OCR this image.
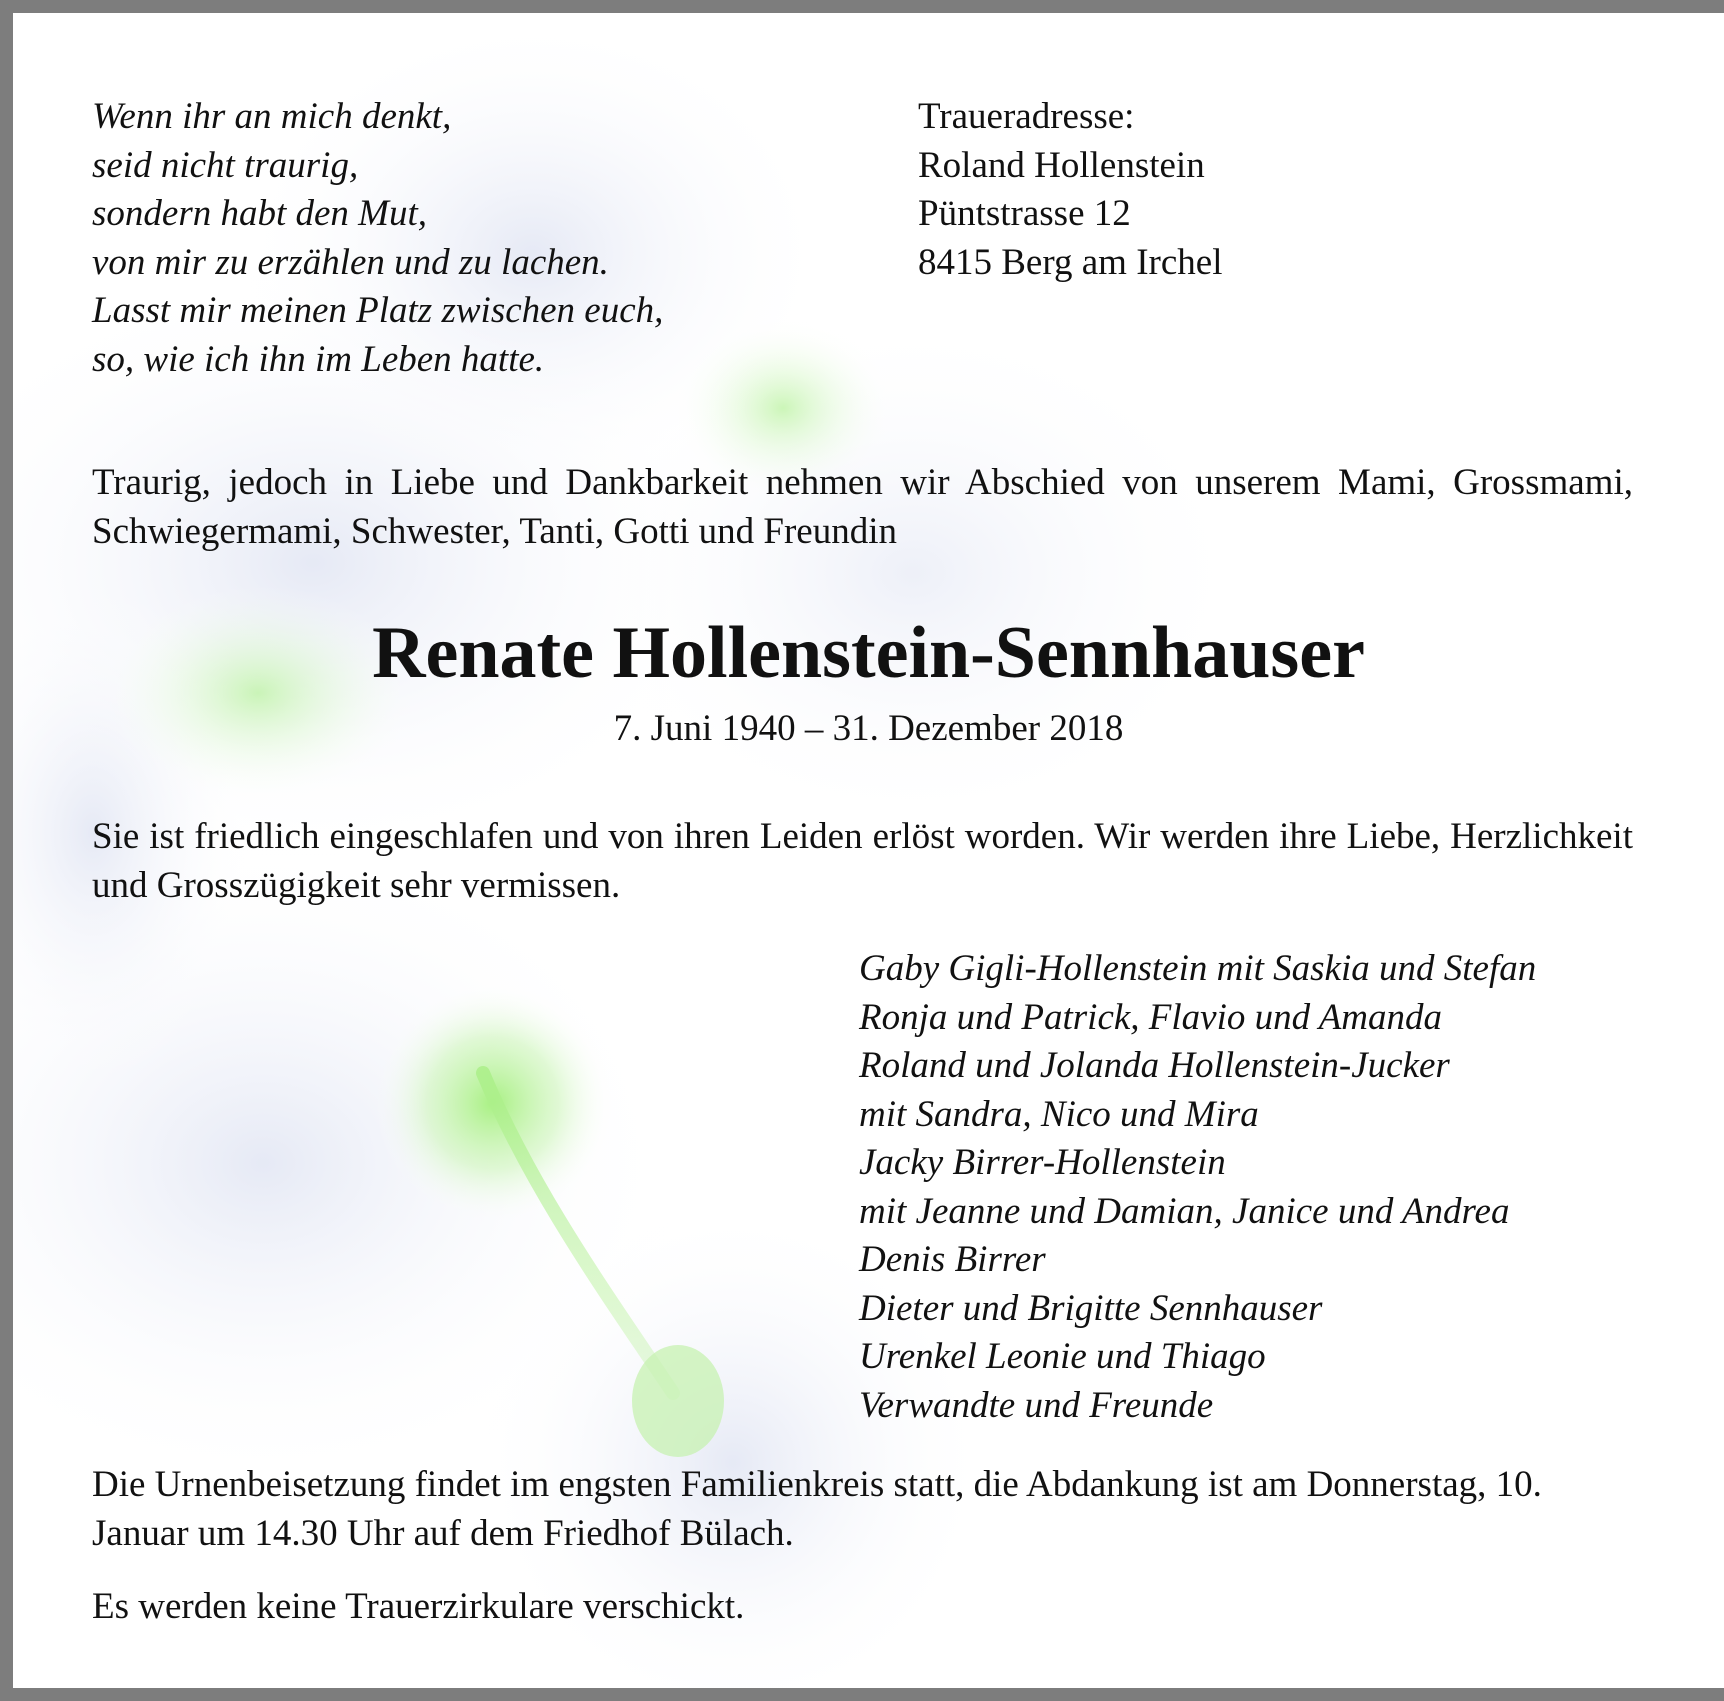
Wenn ihr an mich denkt,
seid nicht traurig,
sondern habt den Mut,
von mir zu erzählen und zu lachen.
Lasst mir meinen Platz zwischen euch,
so, wie ich ihn im Leben hatte.
Traueradresse:
Roland Hollenstein
Püntstrasse 12
8415 Berg am Irchel
Traurig, jedoch in Liebe und Dankbarkeit nehmen wir Abschied von unserem Mami, Grossmami, Schwiegermami, Schwester, Tanti, Gotti und Freundin
Renate Hollenstein-Sennhauser
7. Juni 1940 – 31. Dezember 2018
Sie ist friedlich eingeschlafen und von ihren Leiden erlöst worden. Wir werden ihre Liebe, Herzlichkeit und Grosszügigkeit sehr vermissen.
Gaby Gigli-Hollenstein mit Saskia und Stefan
Ronja und Patrick, Flavio und Amanda
Roland und Jolanda Hollenstein-Jucker
mit Sandra, Nico und Mira
Jacky Birrer-Hollenstein
mit Jeanne und Damian, Janice und Andrea
Denis Birrer
Dieter und Brigitte Sennhauser
Urenkel Leonie und Thiago
Verwandte und Freunde
Die Urnenbeisetzung findet im engsten Familienkreis statt, die Abdankung ist am Donnerstag, 10. Januar um 14.30 Uhr auf dem Friedhof Bülach.
Es werden keine Trauerzirkulare verschickt.
